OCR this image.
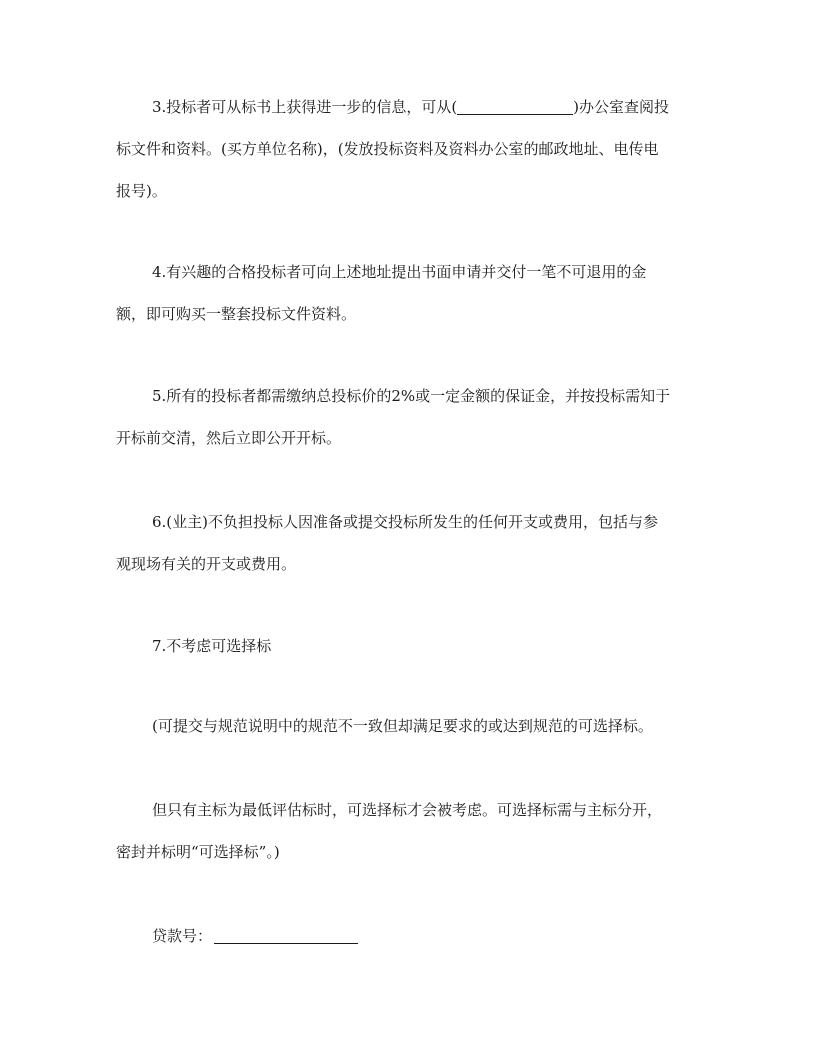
3.投标者可从标书上获得进一步的信息，可从(	)办公室查阅投
标文件和资料。(买方单位名称)，(发放投标资料及资料办公室的邮政地址、电传电
报号)。
4.有兴趣的合格投标者可向上述地址提出书面申请并交付一笔不可退用的金
额，即可购买一整套投标文件资料。
5.所有的投标者都需缴纳总投标价的2%或一定金额的保证金，并按投标需知于
开标前交清，然后立即公开开标。
6.(业主)不负担投标人因准备或提交投标所发生的任何开支或费用，包括与参
观现场有关的开支或费用。
7.不考虑可选择标
(可提交与规范说明中的规范不一致但却满足要求的或达到规范的可选择标。
但只有主标为最低评估标时，可选择标才会被考虑。可选择标需与主标分开，
密封并标明“可选择标”。)
贷款号：
